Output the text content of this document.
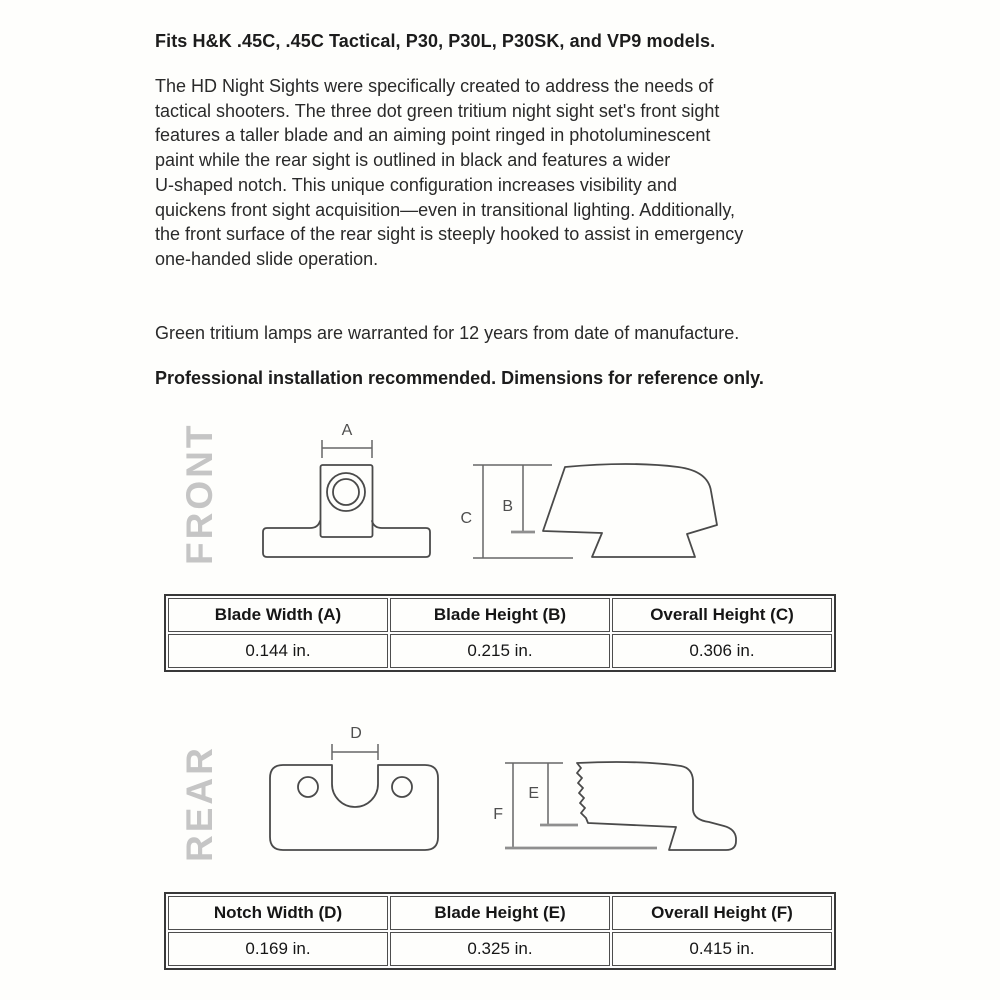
Fits H&K .45C, .45C Tactical, P30, P30L, P30SK, and VP9 models.
The HD Night Sights were specifically created to address the needs of
tactical shooters. The three dot green tritium night sight set's front sight
features a taller blade and an aiming point ringed in photoluminescent
paint while the rear sight is outlined in black and features a wider
U-shaped notch. This unique configuration increases visibility and
quickens front sight acquisition—even in transitional lighting. Additionally,
the front surface of the rear sight is steeply hooked to assist in emergency
one-handed slide operation.
Green tritium lamps are warranted for 12 years from date of manufacture.
Professional installation recommended. Dimensions for reference only.
FRONT	A
C
B
Blade Width (A)	Blade Height (B)	Overall Height (C)
0.144 in.	0.215 in.	0.306 in.
REAR
D
F
E
Notch Width (D)	Blade Height (E)	Overall Height (F)
0.169 in.	0.325 in.	0.415 in.
